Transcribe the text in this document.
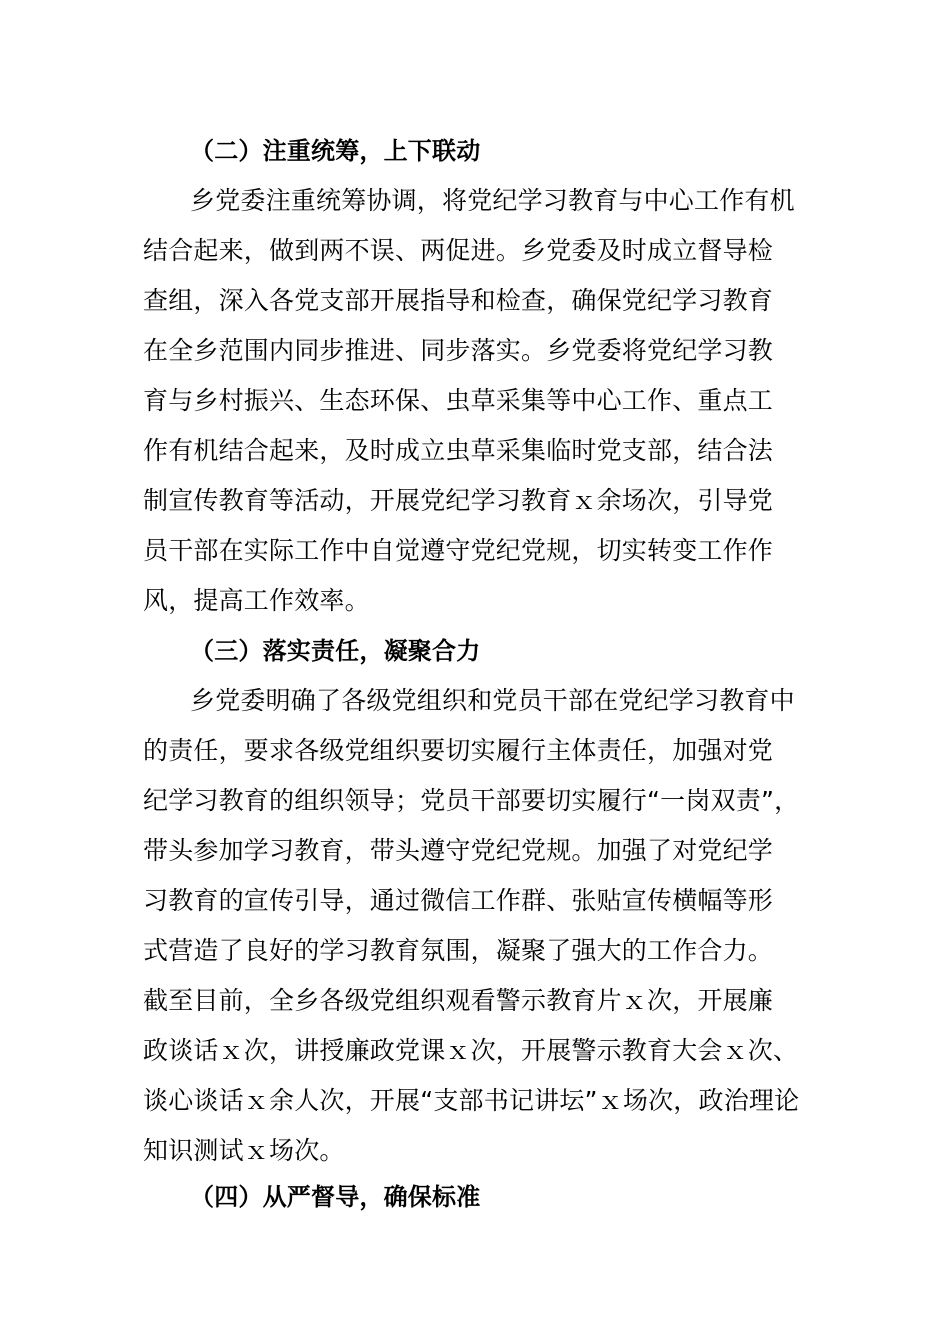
（二）注重统筹，上下联动
乡党委注重统筹协调，将党纪学习教育与中心工作有机
结合起来，做到两不误、两促进。乡党委及时成立督导检
查组，深入各党支部开展指导和检查，确保党纪学习教育
在全乡范围内同步推进、同步落实。乡党委将党纪学习教
育与乡村振兴、生态环保、虫草采集等中心工作、重点工
作有机结合起来，及时成立虫草采集临时党支部，结合法
制宣传教育等活动，开展党纪学习教育ｘ余场次，引导党
员干部在实际工作中自觉遵守党纪党规，切实转变工作作
风，提高工作效率。
（三）落实责任，凝聚合力
乡党委明确了各级党组织和党员干部在党纪学习教育中
的责任，要求各级党组织要切实履行主体责任，加强对党
纪学习教育的组织领导；党员干部要切实履行“一岗双责”，
带头参加学习教育，带头遵守党纪党规。加强了对党纪学
习教育的宣传引导，通过微信工作群、张贴宣传横幅等形
式营造了良好的学习教育氛围，凝聚了强大的工作合力。
截至目前，全乡各级党组织观看警示教育片ｘ次，开展廉
政谈话ｘ次，讲授廉政党课ｘ次，开展警示教育大会ｘ次、
谈心谈话ｘ余人次，开展“支部书记讲坛”ｘ场次，政治理论
知识测试ｘ场次。
（四）从严督导，确保标准
